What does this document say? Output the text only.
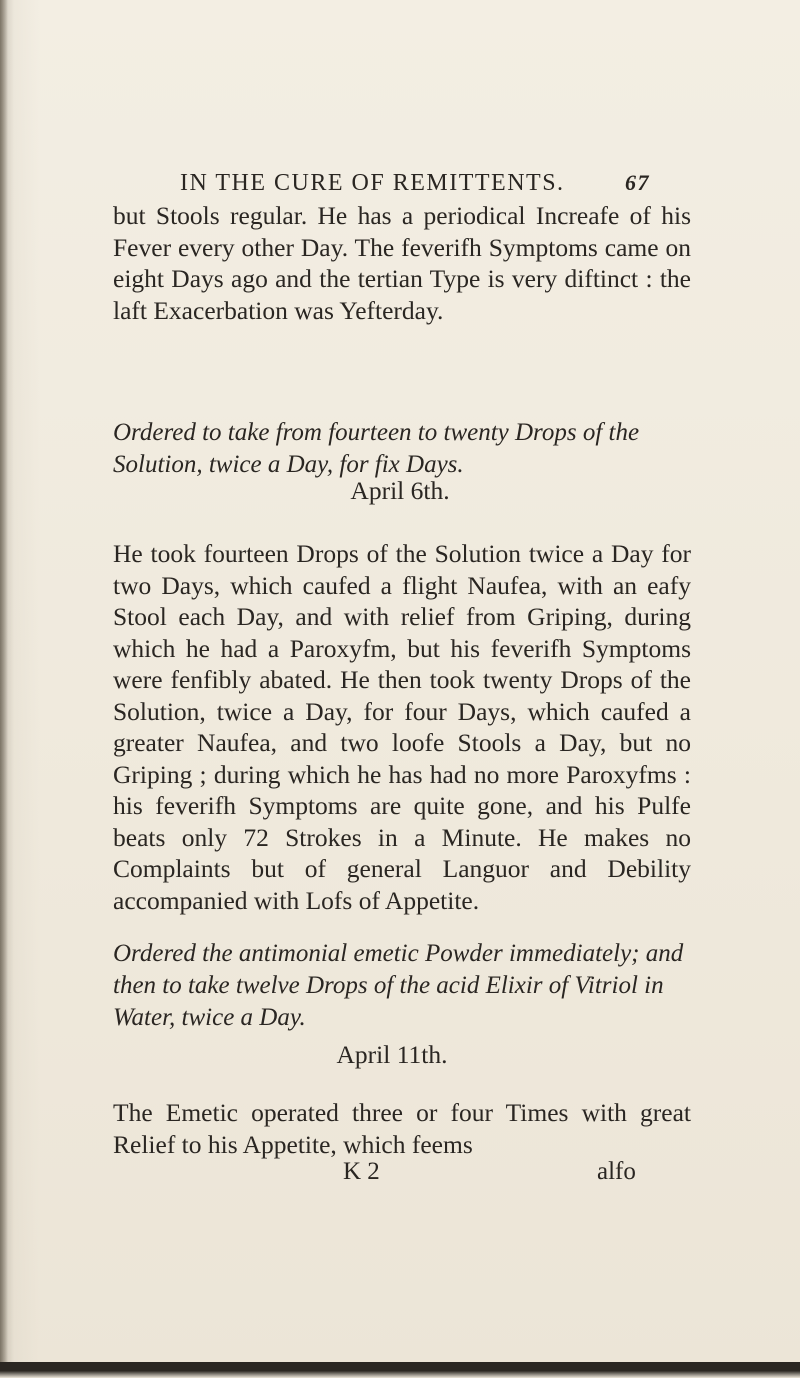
IN THE CURE OF REMITTENTS.	67
but Stools regular. He has a periodical Increafe of his Fever every other Day. The feverifh Symptoms came on eight Days ago and the tertian Type is very diftinct : the laft Exacerbation was Yefterday.
Ordered to take from fourteen to twenty Drops of the Solution, twice a Day, for fix Days.
April 6th.
He took fourteen Drops of the Solution twice a Day for two Days, which caufed a flight Naufea, with an eafy Stool each Day, and with relief from Griping, during which he had a Paroxyfm, but his feverifh Symptoms were fenfibly abated. He then took twenty Drops of the Solution, twice a Day, for four Days, which caufed a greater Naufea, and two loofe Stools a Day, but no Griping ; during which he has had no more Paroxyfms : his feverifh Symptoms are quite gone, and his Pulfe beats only 72 Strokes in a Minute. He makes no Complaints but of general Languor and Debility accompanied with Lofs of Appetite.
Ordered the antimonial emetic Powder immediately; and then to take twelve Drops of the acid Elixir of Vitriol in Water, twice a Day.
April 11th.
The Emetic operated three or four Times with great Relief to his Appetite, which feems
K 2	alfo
